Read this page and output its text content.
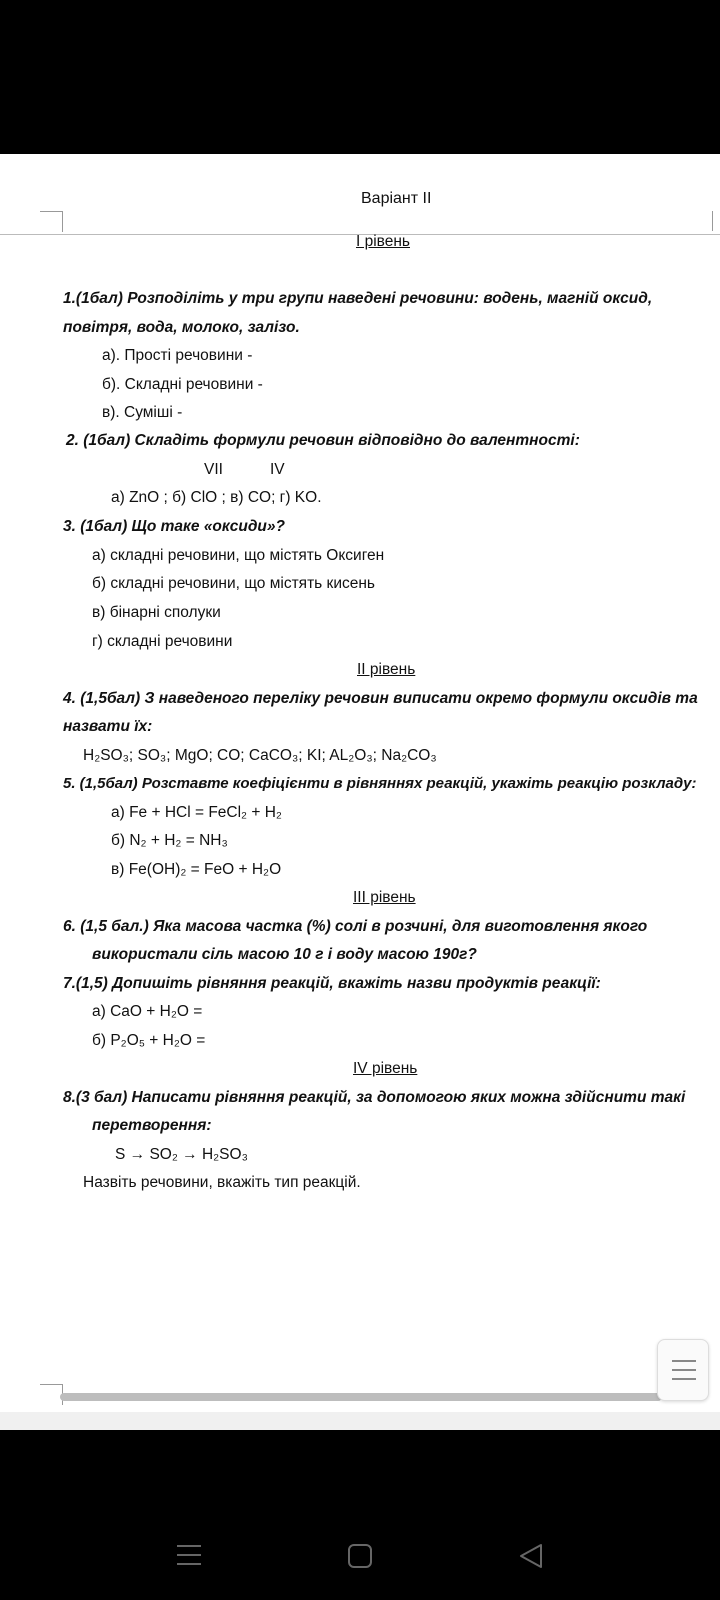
Варіант II
І рівень
1.(1бал) Розподіліть у три групи наведені речовини: водень, магній оксид,
повітря, вода, молоко, залізо.
а). Прості речовини -
б). Складні речовини -
в). Суміші -
2. (1бал) Складіть формули речовин відповідно до валентності:
VII	IV
а) ZnO ; б) ClO ; в) CO; г) KO.
3. (1бал) Що таке «оксиди»?
а) складні речовини, що містять Оксиген
б) складні речовини, що містять кисень
в) бінарні сполуки
г) складні речовини
ІІ рівень
4. (1,5бал) З наведеного переліку речовин виписати окремо формули оксидів та
назвати їх:
H₂SO₃; SO₃; MgO; CO; CaCO₃; KI; AL₂O₃; Na₂CO₃
5. (1,5бал) Розставте коефіцієнти в рівняннях реакцій, укажіть реакцію розкладу:
а) Fe + HCl = FeCl₂ + H₂
б) N₂ + H₂ = NH₃
в) Fe(OH)₂ = FeO + H₂O
ІІІ рівень
6. (1,5 бал.) Яка масова частка (%) солі в розчині, для виготовлення якого
використали сіль масою 10 г і воду масою 190г?
7.(1,5) Допишіть рівняння реакцій, вкажіть назви продуктів реакції:
а) CaO + H₂O =
б) P₂O₅ + H₂O =
ІV рівень
8.(3 бал) Написати рівняння реакцій, за допомогою яких можна здійснити такі
перетворення:
S → SO₂ → H₂SO₃
Назвіть речовини, вкажіть тип реакцій.
